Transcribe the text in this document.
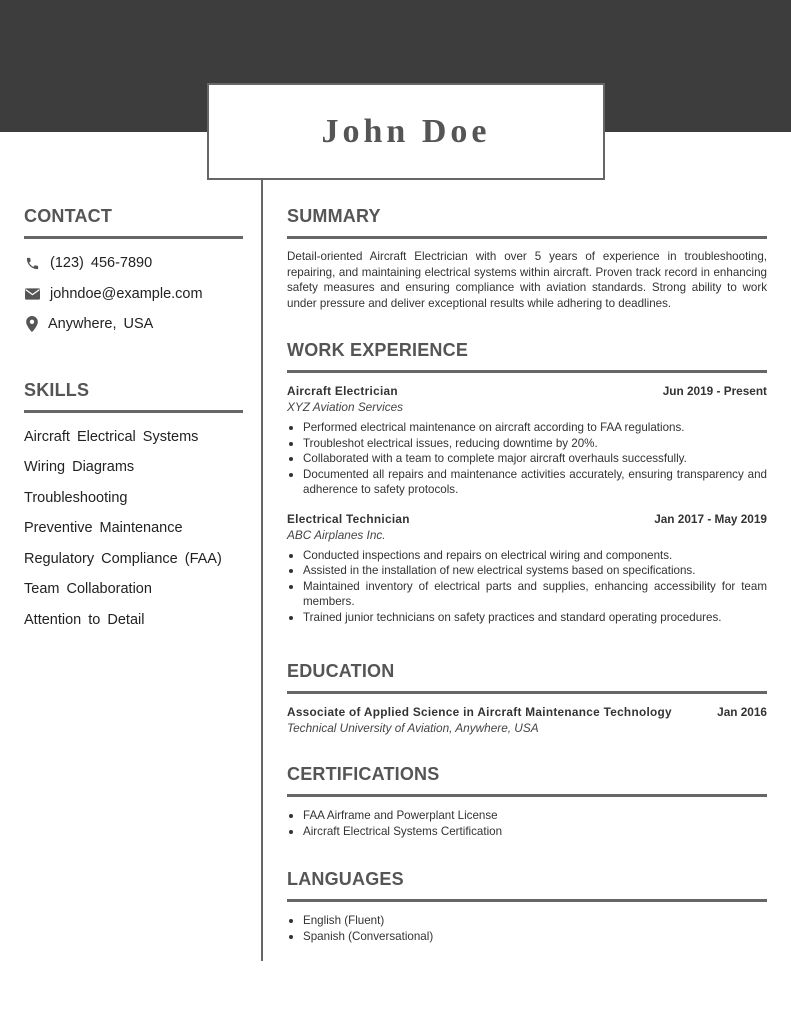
John Doe
CONTACT
(123) 456-7890
johndoe@example.com
Anywhere, USA
SKILLS
Aircraft Electrical Systems
Wiring Diagrams
Troubleshooting
Preventive Maintenance
Regulatory Compliance (FAA)
Team Collaboration
Attention to Detail
SUMMARY

Detail-oriented Aircraft Electrician with over 5 years of experience in troubleshooting, repairing, and maintaining electrical systems within aircraft. Proven track record in enhancing safety measures and ensuring compliance with aviation standards. Strong ability to work under pressure and deliver exceptional results while adhering to deadlines.

WORK EXPERIENCE
Aircraft Electrician	Jun 2019 - Present
XYZ Aviation Services
Performed electrical maintenance on aircraft according to FAA regulations.
Troubleshot electrical issues, reducing downtime by 20%.
Collaborated with a team to complete major aircraft overhauls successfully.
Documented all repairs and maintenance activities accurately, ensuring transparency and adherence to safety protocols.
Electrical Technician	Jan 2017 - May 2019
ABC Airplanes Inc.
Conducted inspections and repairs on electrical wiring and components.
Assisted in the installation of new electrical systems based on specifications.
Maintained inventory of electrical parts and supplies, enhancing accessibility for team members.
Trained junior technicians on safety practices and standard operating procedures.
EDUCATION
Associate of Applied Science in Aircraft Maintenance Technology	Jan 2016
Technical University of Aviation, Anywhere, USA
CERTIFICATIONS
FAA Airframe and Powerplant License
Aircraft Electrical Systems Certification
LANGUAGES
English (Fluent)
Spanish (Conversational)
